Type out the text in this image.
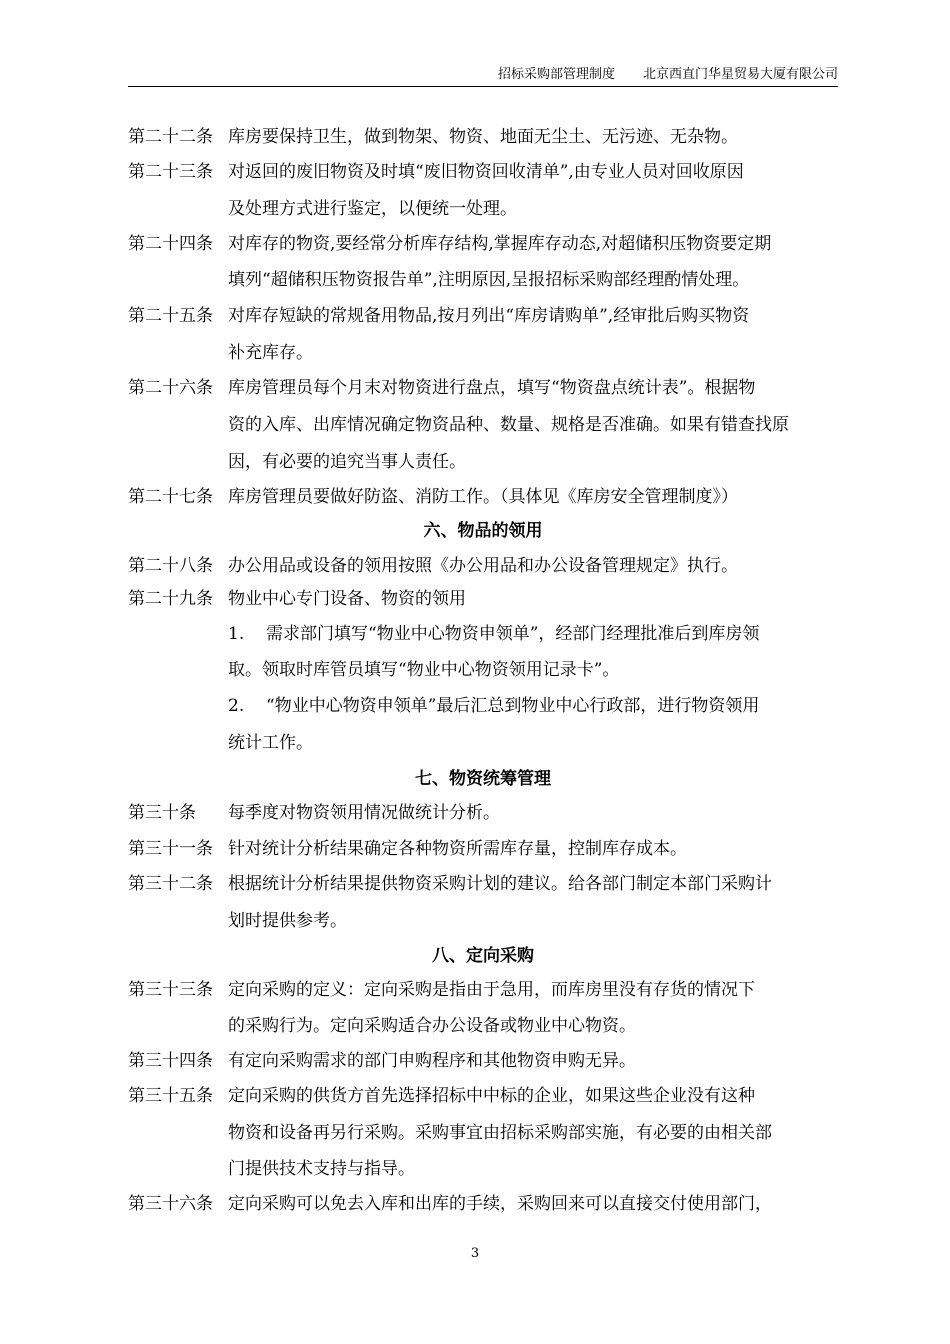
招标采购部管理制度 北京西直门华星贸易大厦有限公司
第二十二条 库房要保持卫生，做到物架、物资、地面无尘土、无污迹、无杂物。
第二十三条 对返回的废旧物资及时填“废旧物资回收清单”,由专业人员对回收原因
及处理方式进行鉴定，以便统一处理。
第二十四条 对库存的物资,要经常分析库存结构,掌握库存动态,对超储积压物资要定期
填列“超储积压物资报告单”,注明原因,呈报招标采购部经理酌情处理。
第二十五条 对库存短缺的常规备用物品,按月列出“库房请购单”,经审批后购买物资
补充库存。
第二十六条 库房管理员每个月末对物资进行盘点，填写“物资盘点统计表”。根据物
资的入库、出库情况确定物资品种、数量、规格是否准确。如果有错查找原
因，有必要的追究当事人责任。
第二十七条 库房管理员要做好防盗、消防工作。（具体见《库房安全管理制度》）
六、物品的领用
第二十八条 办公用品或设备的领用按照《办公用品和办公设备管理规定》执行。
第二十九条 物业中心专门设备、物资的领用
1. 需求部门填写“物业中心物资申领单”，经部门经理批准后到库房领
取。领取时库管员填写“物业中心物资领用记录卡”。
2. “物业中心物资申领单”最后汇总到物业中心行政部，进行物资领用
统计工作。
七、物资统筹管理
第三十条 每季度对物资领用情况做统计分析。
第三十一条 针对统计分析结果确定各种物资所需库存量，控制库存成本。
第三十二条 根据统计分析结果提供物资采购计划的建议。给各部门制定本部门采购计
划时提供参考。
八、定向采购
第三十三条 定向采购的定义：定向采购是指由于急用，而库房里没有存货的情况下
的采购行为。定向采购适合办公设备或物业中心物资。
第三十四条 有定向采购需求的部门申购程序和其他物资申购无异。
第三十五条 定向采购的供货方首先选择招标中中标的企业，如果这些企业没有这种
物资和设备再另行采购。采购事宜由招标采购部实施，有必要的由相关部
门提供技术支持与指导。
第三十六条 定向采购可以免去入库和出库的手续，采购回来可以直接交付使用部门，
3
